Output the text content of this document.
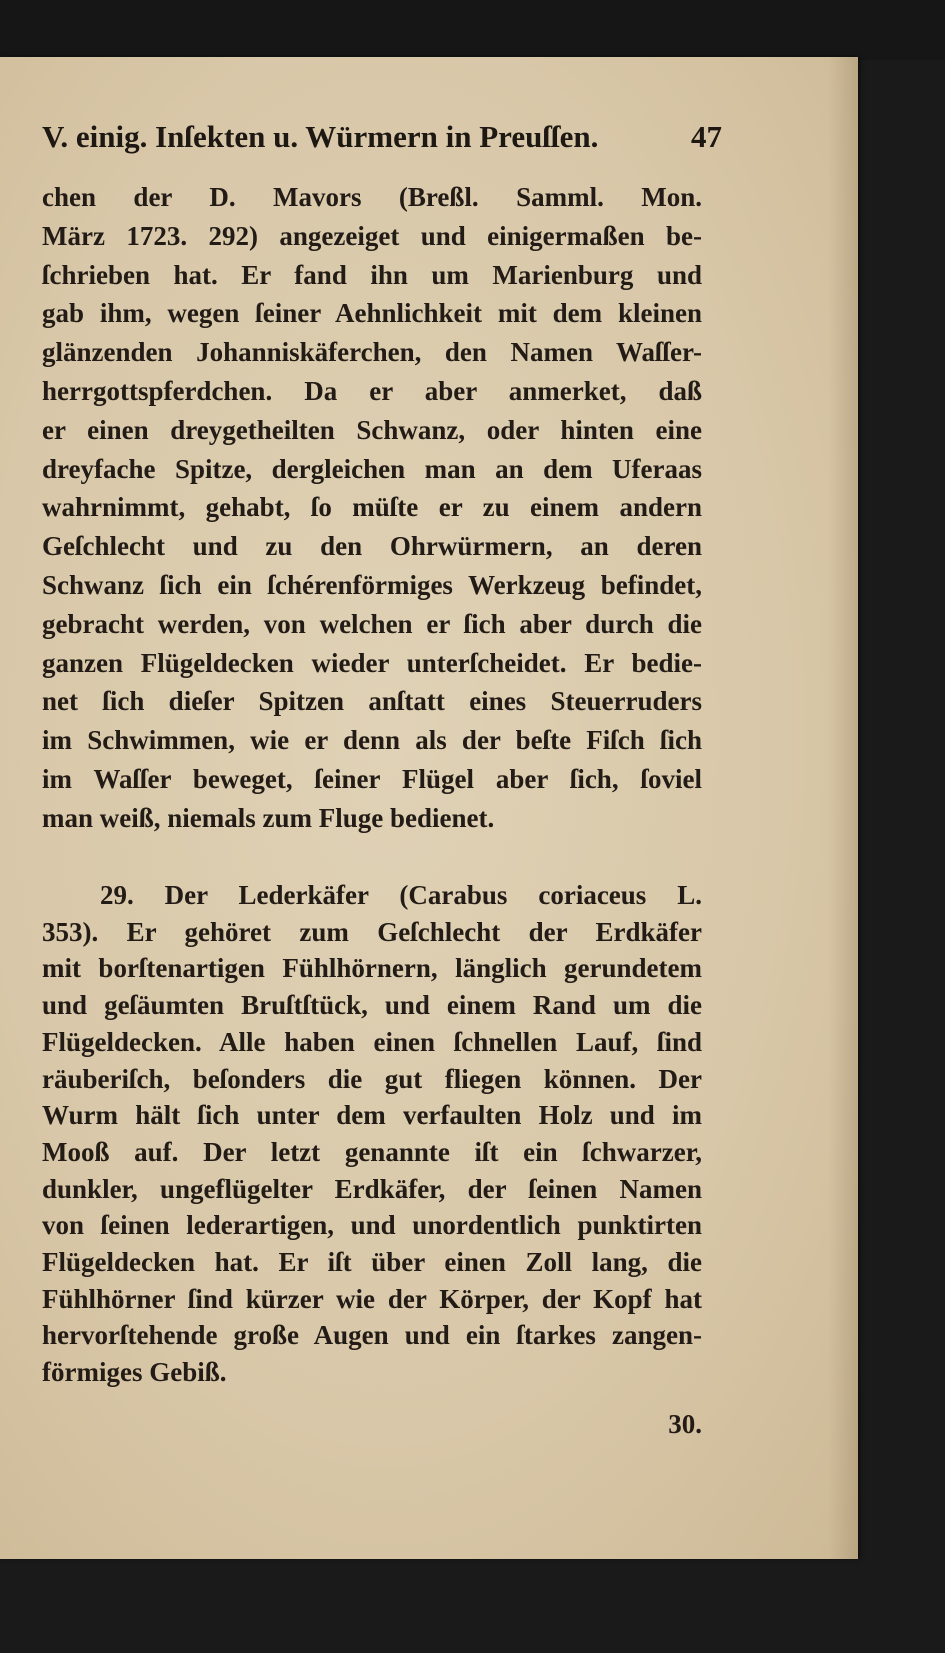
V. einig. Inſekten u. Würmern in Preuſſen.	47
chen der D. Mavors (Breßl. Samml. Mon.
März 1723. 292) angezeiget und einigermaßen be-
ſchrieben hat. Er fand ihn um Marienburg und
gab ihm, wegen ſeiner Aehnlichkeit mit dem kleinen
glänzenden Johanniskäferchen, den Namen Waſſer-
herrgottspferdchen. Da er aber anmerket, daß
er einen dreygetheilten Schwanz, oder hinten eine
dreyfache Spitze, dergleichen man an dem Uferaas
wahrnimmt, gehabt, ſo müſte er zu einem andern
Geſchlecht und zu den Ohrwürmern, an deren
Schwanz ſich ein ſchérenförmiges Werkzeug befindet,
gebracht werden, von welchen er ſich aber durch die
ganzen Flügeldecken wieder unterſcheidet. Er bedie-
net ſich dieſer Spitzen anſtatt eines Steuerruders
im Schwimmen, wie er denn als der beſte Fiſch ſich
im Waſſer beweget, ſeiner Flügel aber ſich, ſoviel
man weiß, niemals zum Fluge bedienet.
29. Der Lederkäfer (Carabus coriaceus L.
353). Er gehöret zum Geſchlecht der Erdkäfer
mit borſtenartigen Fühlhörnern, länglich gerundetem
und geſäumten Bruſtſtück, und einem Rand um die
Flügeldecken. Alle haben einen ſchnellen Lauf, ſind
räuberiſch, beſonders die gut fliegen können. Der
Wurm hält ſich unter dem verfaulten Holz und im
Mooß auf. Der letzt genannte iſt ein ſchwarzer,
dunkler, ungeflügelter Erdkäfer, der ſeinen Namen
von ſeinen lederartigen, und unordentlich punktirten
Flügeldecken hat. Er iſt über einen Zoll lang, die
Fühlhörner ſind kürzer wie der Körper, der Kopf hat
hervorſtehende große Augen und ein ſtarkes zangen-
förmiges Gebiß.
30.
